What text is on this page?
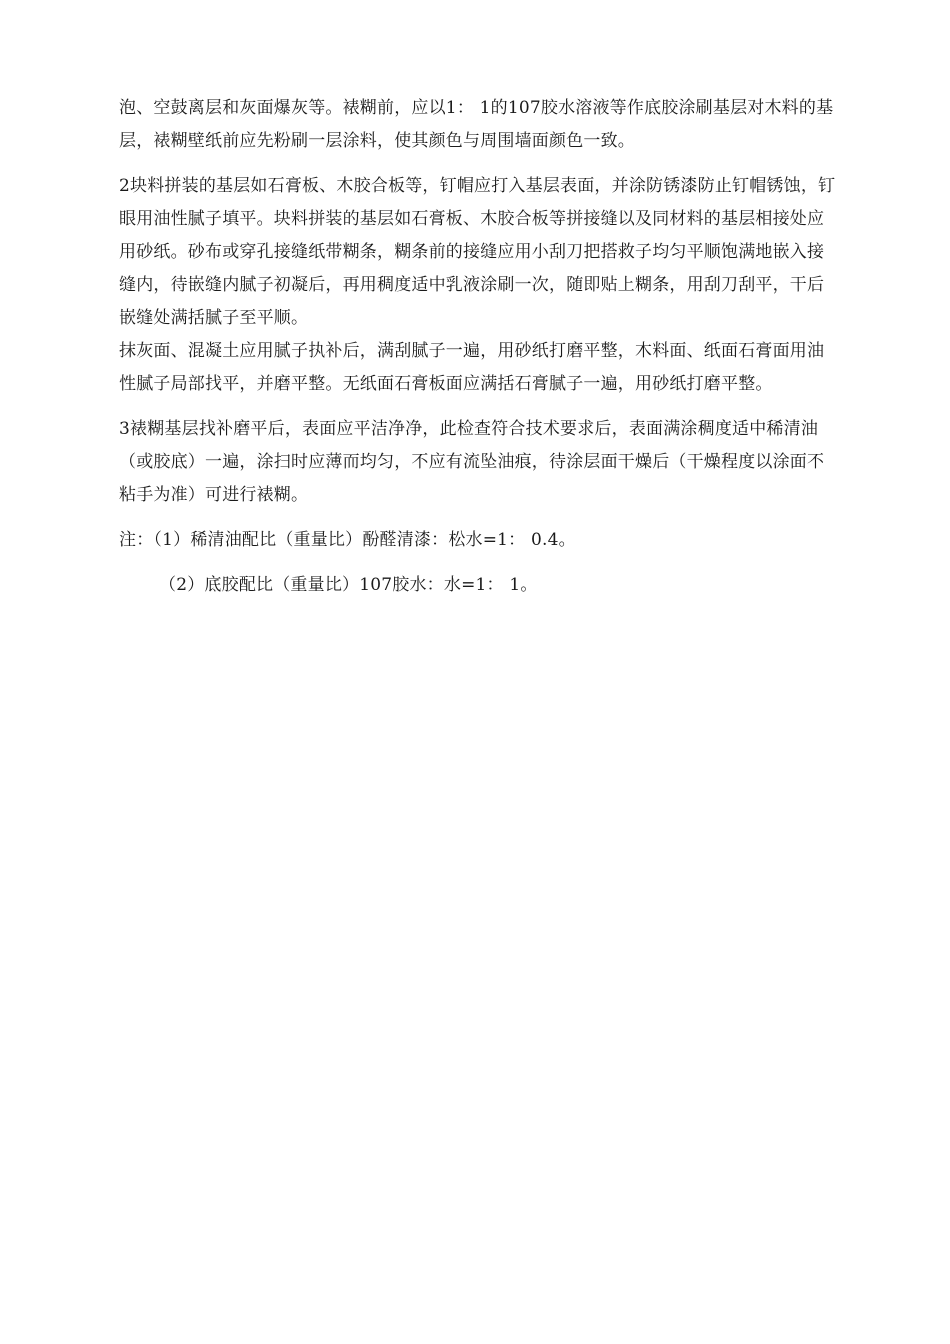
泡、空鼓离层和灰面爆灰等。裱糊前，应以1： 1的107胶水溶液等作底胶涂刷基层对木料的基层，裱糊壁纸前应先粉刷一层涂料，使其颜色与周围墙面颜色一致。

2块料拼装的基层如石膏板、木胶合板等，钉帽应打入基层表面，并涂防锈漆防止钉帽锈蚀，钉眼用油性腻子填平。块料拼装的基层如石膏板、木胶合板等拼接缝以及同材料的基层相接处应用砂纸。砂布或穿孔接缝纸带糊条，糊条前的接缝应用小刮刀把搭救子均匀平顺饱满地嵌入接缝内，待嵌缝内腻子初凝后，再用稠度适中乳液涂刷一次，随即贴上糊条，用刮刀刮平，干后嵌缝处满括腻子至平顺。

抹灰面、混凝土应用腻子执补后，满刮腻子一遍，用砂纸打磨平整，木料面、纸面石膏面用油性腻子局部找平，并磨平整。无纸面石膏板面应满括石膏腻子一遍，用砂纸打磨平整。

3裱糊基层找补磨平后，表面应平洁净净，此检查符合技术要求后，表面满涂稠度适中稀清油（或胶底）一遍，涂扫时应薄而均匀，不应有流坠油痕，待涂层面干燥后（干燥程度以涂面不粘手为准）可进行裱糊。

注：（1）稀清油配比（重量比）酚醛清漆：松水=1： 0.4。

（2）底胶配比（重量比）107胶水：水=1： 1。
